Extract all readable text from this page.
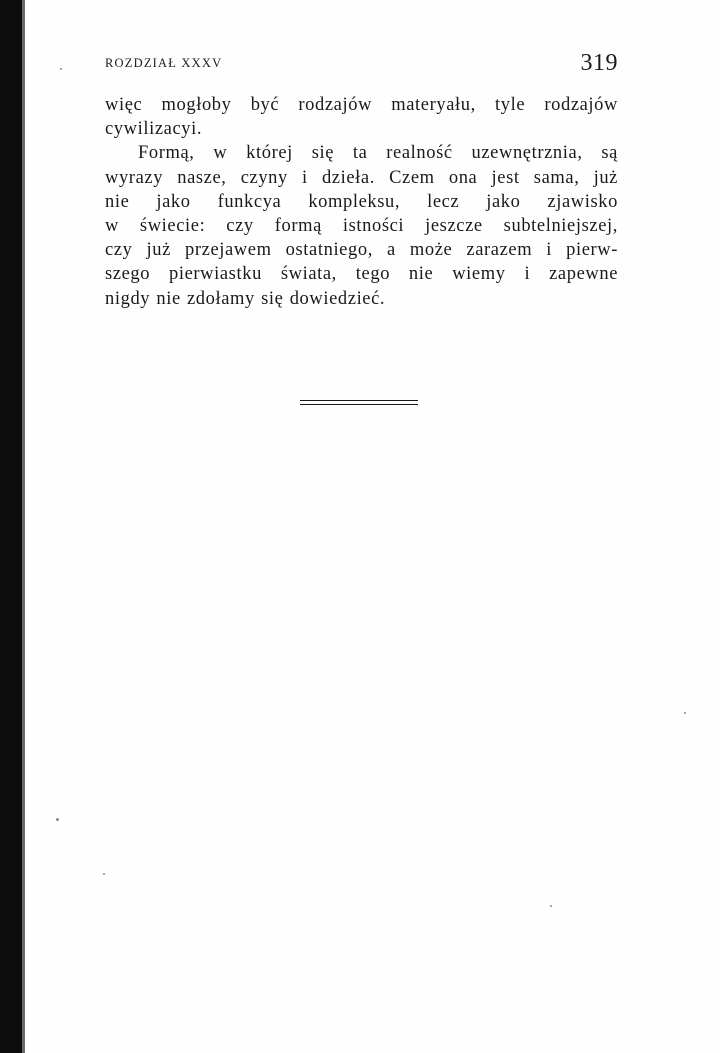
ROZDZIAŁ XXXV	319
więc mogłoby być rodzajów materyału, tyle rodzajów
cywilizacyi.
Formą, w której się ta realność uzewnętrznia, są
wyrazy nasze, czyny i dzieła. Czem ona jest sama, już
nie jako funkcya kompleksu, lecz jako zjawisko
w świecie: czy formą istności jeszcze subtelniejszej,
czy już przejawem ostatniego, a może zarazem i pierw-
szego pierwiastku świata, tego nie wiemy i zapewne
nigdy nie zdołamy się dowiedzieć.
